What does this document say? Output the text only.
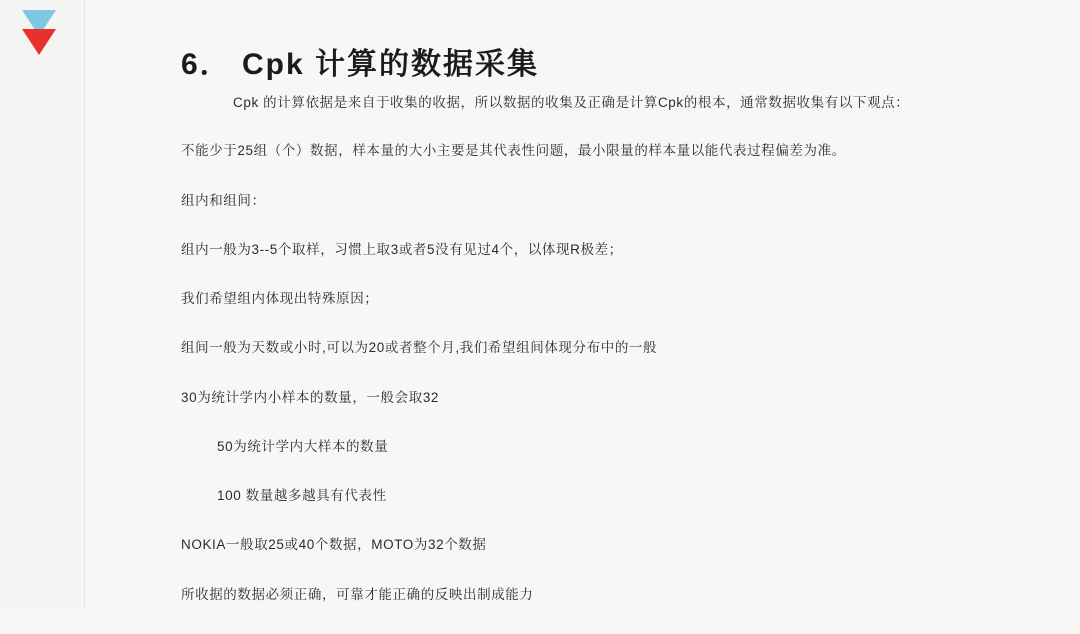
6． Cpk 计算的数据采集

Cpk 的计算依据是来自于收集的收据，所以数据的收集及正确是计算Cpk的根本，通常数据收集有以下观点：

不能少于25组（个）数据，样本量的大小主要是其代表性问题，最小限量的样本量以能代表过程偏差为准。

组内和组间：

组内一般为3--5个取样，习惯上取3或者5没有见过4个，以体现R极差；

我们希望组内体现出特殊原因；

组间一般为天数或小时,可以为20或者整个月,我们希望组间体现分布中的一般

30为统计学内小样本的数量，一般会取32

50为统计学内大样本的数量

100 数量越多越具有代表性

NOKIA一般取25或40个数据，MOTO为32个数据

所收据的数据必须正确，可靠才能正确的反映出制成能力
